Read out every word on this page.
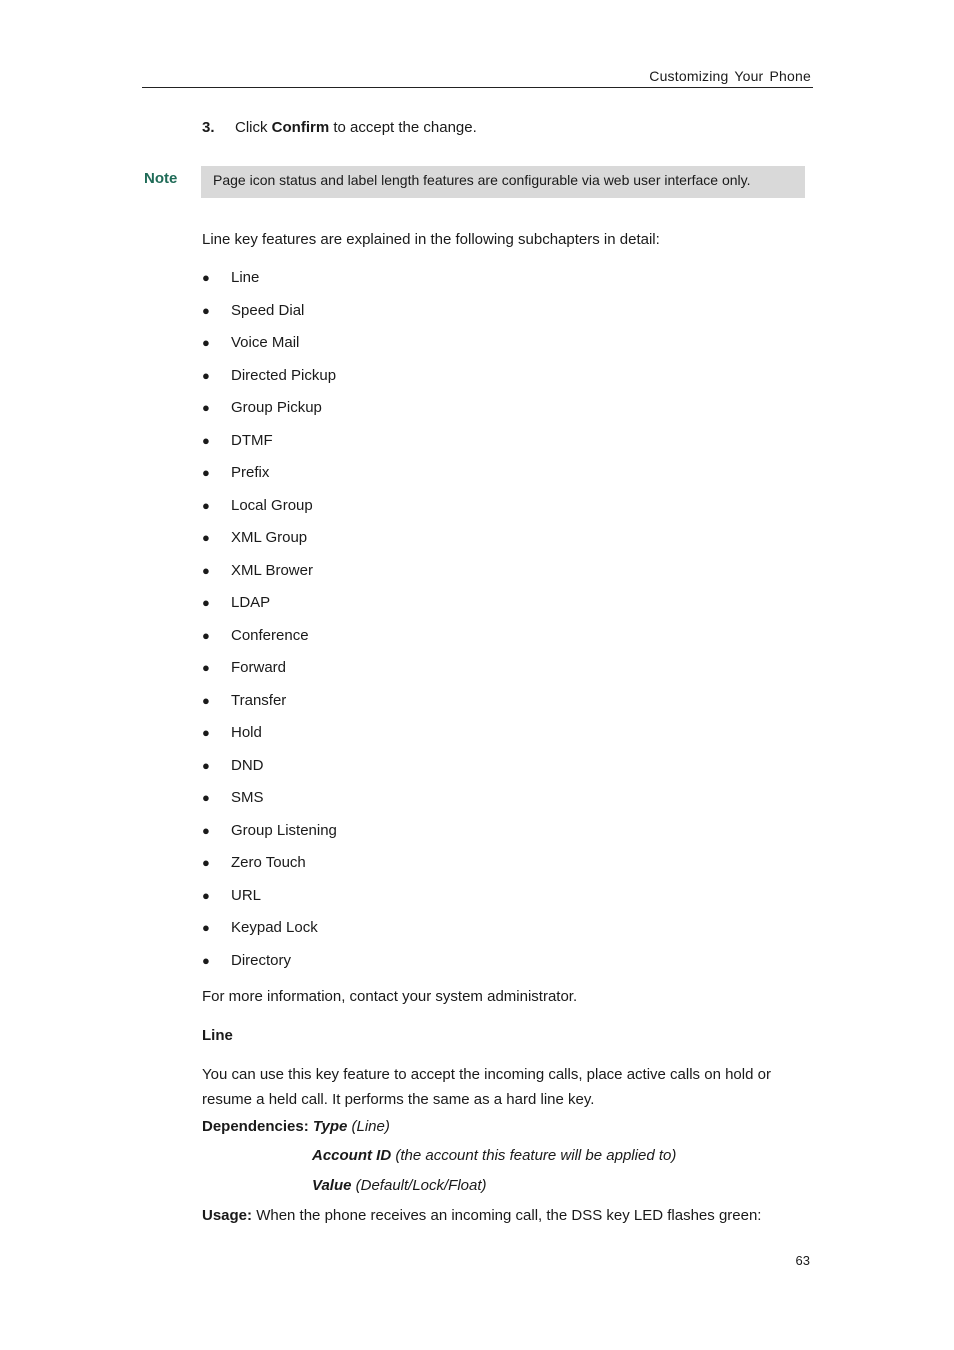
Customizing Your Phone
3. Click Confirm to accept the change.
Note	Page icon status and label length features are configurable via web user interface only.
Line key features are explained in the following subchapters in detail:
● Line
● Speed Dial
● Voice Mail
● Directed Pickup
● Group Pickup
● DTMF
● Prefix
● Local Group
● XML Group
● XML Brower
● LDAP
● Conference
● Forward
● Transfer
● Hold
● DND
● SMS
● Group Listening
● Zero Touch
● URL
● Keypad Lock
● Directory
For more information, contact your system administrator.
Line
You can use this key feature to accept the incoming calls, place active calls on hold or resume a held call. It performs the same as a hard line key.
Dependencies: Type (Line)
Account ID (the account this feature will be applied to)
Value (Default/Lock/Float)
Usage: When the phone receives an incoming call, the DSS key LED flashes green:
63
